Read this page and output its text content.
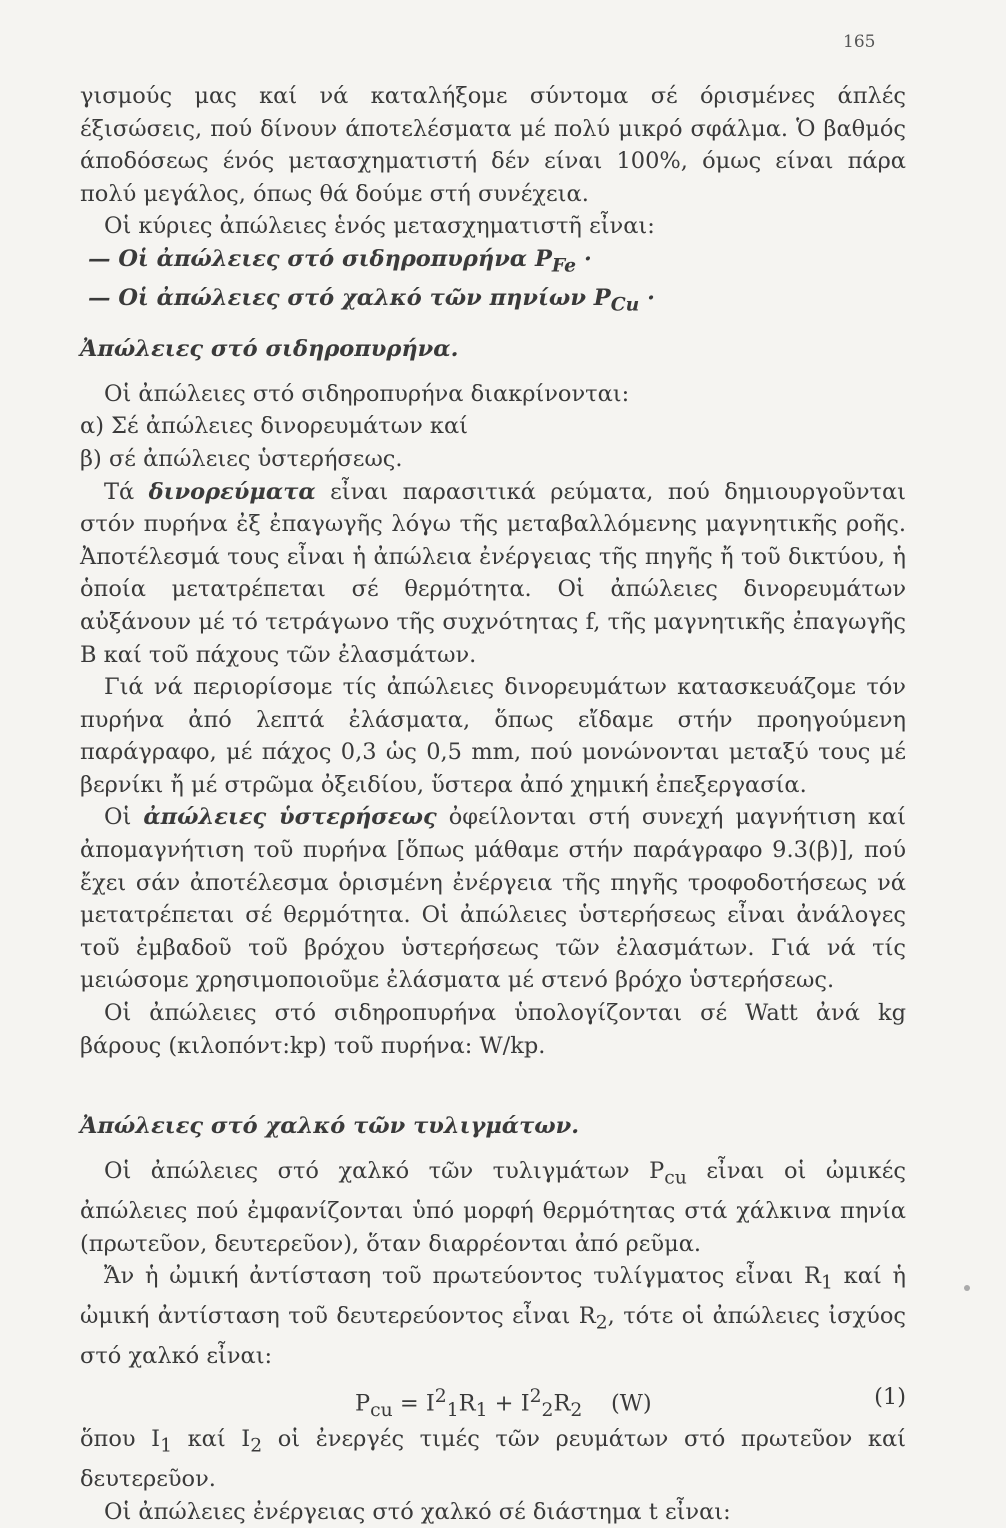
165

γισμούς μας καί νά καταλήξομε σύντομα σέ όρισμένες άπλές έξισώσεις, πού δίνουν άποτελέσματα μέ πολύ μικρό σφάλμα. Ὁ βαθμός άποδόσεως ένός μετασχηματιστή δέν είναι 100%, όμως είναι πάρα πολύ μεγάλος, όπως θά δούμε στή συνέχεια.

Οἱ κύριες ἀπώλειες ἑνός μετασχηματιστῆ εἶναι:

— Οἱ ἀπώλειες στό σιδηροπυρήνα $P_{Fe}$ ·

— Οἱ ἀπώλειες στό χαλκό τῶν πηνίων $P_{Cu}$ ·

Ἀπώλειες στό σιδηροπυρήνα.

Οἱ ἀπώλειες στό σιδηροπυρήνα διακρίνονται:

α) Σέ ἀπώλειες δινορευμάτων καί

β) σέ ἀπώλειες ὑστερήσεως.

Τά δινορεύματα εἶναι παρασιτικά ρεύματα, πού δημιουργοῦνται στόν πυρήνα ἐξ ἐπαγωγῆς λόγω τῆς μεταβαλλόμενης μαγνητικῆς ροῆς. Ἀποτέλεσμά τους εἶναι ἡ ἀπώλεια ἐνέργειας τῆς πηγῆς ἤ τοῦ δικτύου, ἡ ὁποία μετατρέπεται σέ θερμότητα. Οἱ ἀπώλειες δινορευμάτων αὐξάνουν μέ τό τετράγωνο τῆς συχνότητας f, τῆς μαγνητικῆς ἐπαγωγῆς B καί τοῦ πάχους τῶν ἐλασμάτων.

Γιά νά περιορίσομε τίς ἀπώλειες δινορευμάτων κατασκευάζομε τόν πυρήνα ἀπό λεπτά ἐλάσματα, ὅπως εἴδαμε στήν προηγούμενη παράγραφο, μέ πάχος 0,3 ὡς 0,5 mm, πού μονώνονται μεταξύ τους μέ βερνίκι ἤ μέ στρῶμα ὀξειδίου, ὕστερα ἀπό χημική ἐπεξεργασία.

Οἱ ἀπώλειες ὑστερήσεως ὀφείλονται στή συνεχή μαγνήτιση καί ἀπομαγνήτιση τοῦ πυρήνα [ὅπως μάθαμε στήν παράγραφο 9.3(β)], πού ἔχει σάν ἀποτέλεσμα ὁρισμένη ἐνέργεια τῆς πηγῆς τροφοδοτήσεως νά μετατρέπεται σέ θερμότητα. Οἱ ἀπώλειες ὑστερήσεως εἶναι ἀνάλογες τοῦ ἐμβαδοῦ τοῦ βρόχου ὑστερήσεως τῶν ἐλασμάτων. Γιά νά τίς μειώσομε χρησιμοποιοῦμε ἐλάσματα μέ στενό βρόχο ὑστερήσεως.

Οἱ ἀπώλειες στό σιδηροπυρήνα ὑπολογίζονται σέ Watt ἀνά kg βάρους (κιλοπόντ:kp) τοῦ πυρήνα: W/kp.

Ἀπώλειες στό χαλκό τῶν τυλιγμάτων.

Οἱ ἀπώλειες στό χαλκό τῶν τυλιγμάτων $P_{cu}$ εἶναι οἱ ὠμικές ἀπώλειες πού ἐμφανίζονται ὑπό μορφή θερμότητας στά χάλκινα πηνία (πρωτεῦον, δευτερεῦον), ὅταν διαρρέονται ἀπό ρεῦμα.

Ἄν ἡ ὠμική ἀντίσταση τοῦ πρωτεύοντος τυλίγματος εἶναι $R_1$ καί ἡ ὠμική ἀντίσταση τοῦ δευτερεύοντος εἶναι $R_2$, τότε οἱ ἀπώλειες ἰσχύος στό χαλκό εἶναι:

$P_{cu} = I^2_1R_1 + I^2_2R_2$    (W)	(1)

ὅπου $I_1$ καί $I_2$ οἱ ἐνεργές τιμές τῶν ρευμάτων στό πρωτεῦον καί δευτερεῦον.

Οἱ ἀπώλειες ἐνέργειας στό χαλκό σέ διάστημα t εἶναι:
